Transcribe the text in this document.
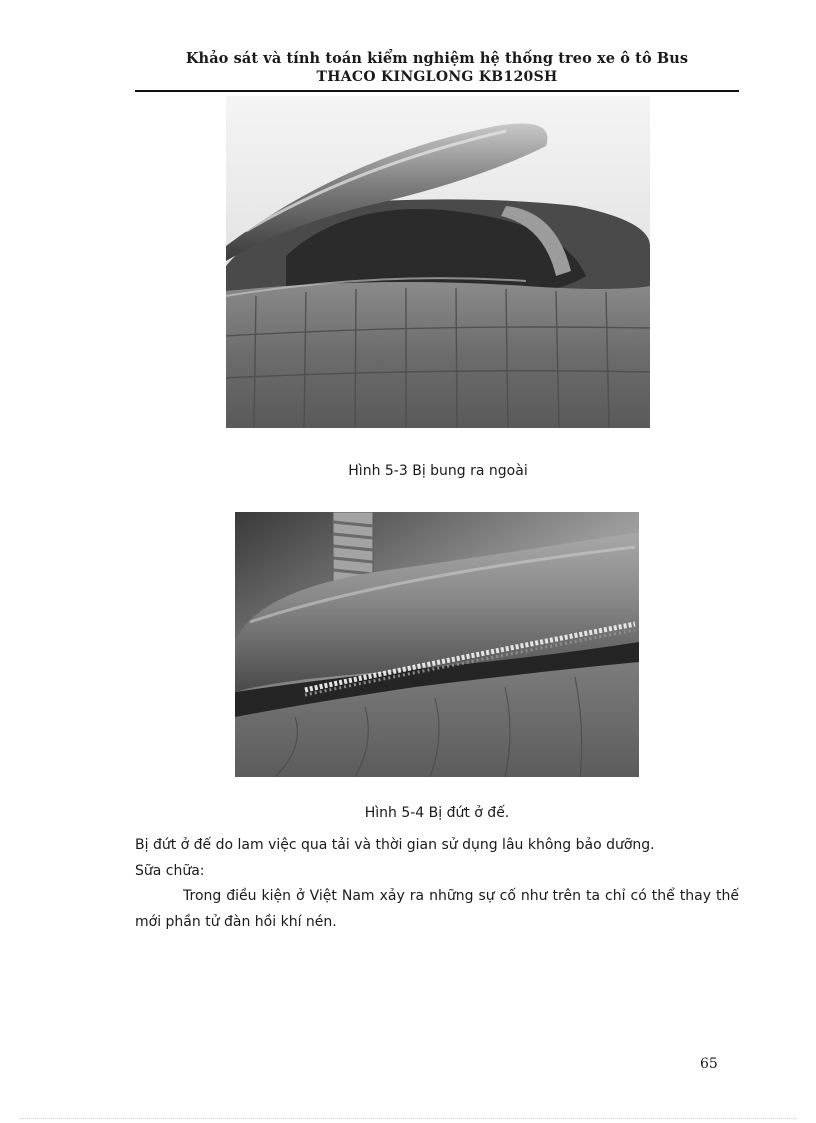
Khảo sát và tính toán kiểm nghiệm hệ thống treo xe ô tô Bus
THACO KINGLONG KB120SH
Hình 5-3 Bị bung ra ngoài
Hình 5-4 Bị đứt ở đế.
Bị đứt ở đế do lam việc qua tải và thời gian sử dụng lâu không bảo dưỡng.
Sữa chữa:
Trong điều kiện ở Việt Nam xảy ra những sự cố như trên ta chỉ có thể thay thế mới phần tử đàn hồi khí nén.
65
